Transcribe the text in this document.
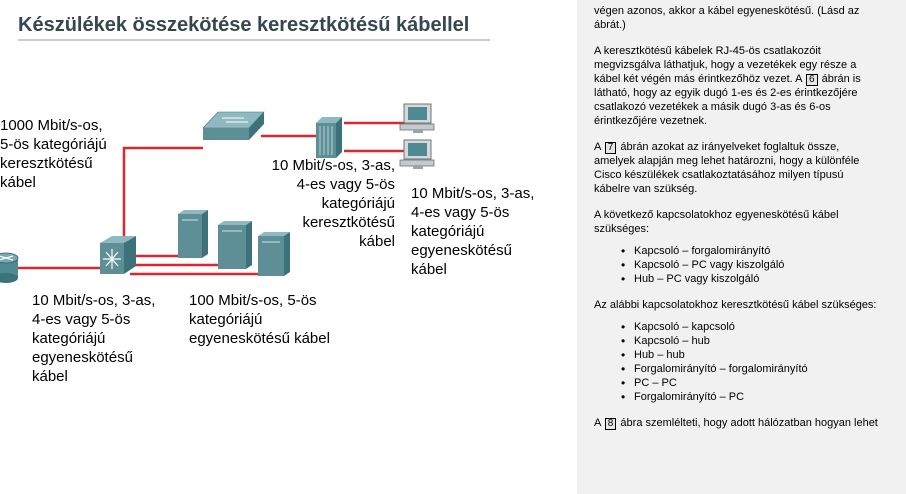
Készülékek összekötése keresztkötésű kábellel
1000 Mbit/s-os,
5-ös kategóriájú
keresztkötésű
kábel
10 Mbit/s-os, 3-as,
4-es vagy 5-ös
kategóriájú
keresztkötésű
kábel
10 Mbit/s-os, 3-as,
4-es vagy 5-ös
kategóriájú
egyeneskötésű
kábel
10 Mbit/s-os, 3-as,
4-es vagy 5-ös
kategóriájú
egyeneskötésű
kábel
100 Mbit/s-os, 5-ös
kategóriájú
egyeneskötésű kábel

végen azonos, akkor a kábel egyeneskötésű. (Lásd az
ábrát.)

A keresztkötésű kábelek RJ-45-ös csatlakozóit
megvizsgálva láthatjuk, hogy a vezetékek egy része a
kábel két végén más érintkezőhöz vezet. A 6 ábrán is
látható, hogy az egyik dugó 1-es és 2-es érintkezőjére
csatlakozó vezetékek a másik dugó 3-as és 6-os
érintkezőjére vezetnek.

A 7 ábrán azokat az irányelveket foglaltuk össze,
amelyek alapján meg lehet határozni, hogy a különféle
Cisco készülékek csatlakoztatásához milyen típusú
kábelre van szükség.

A következő kapcsolatokhoz egyeneskötésű kábel
szükséges:

• Kapcsoló – forgalomirányító
• Kapcsoló – PC vagy kiszolgáló
• Hub – PC vagy kiszolgáló

Az alábbi kapcsolatokhoz keresztkötésű kábel szükséges:

• Kapcsoló – kapcsoló
• Kapcsoló – hub
• Hub – hub
• Forgalomirányító – forgalomirányító
• PC – PC
• Forgalomirányító – PC

A 8 ábra szemlélteti, hogy adott hálózatban hogyan lehet
